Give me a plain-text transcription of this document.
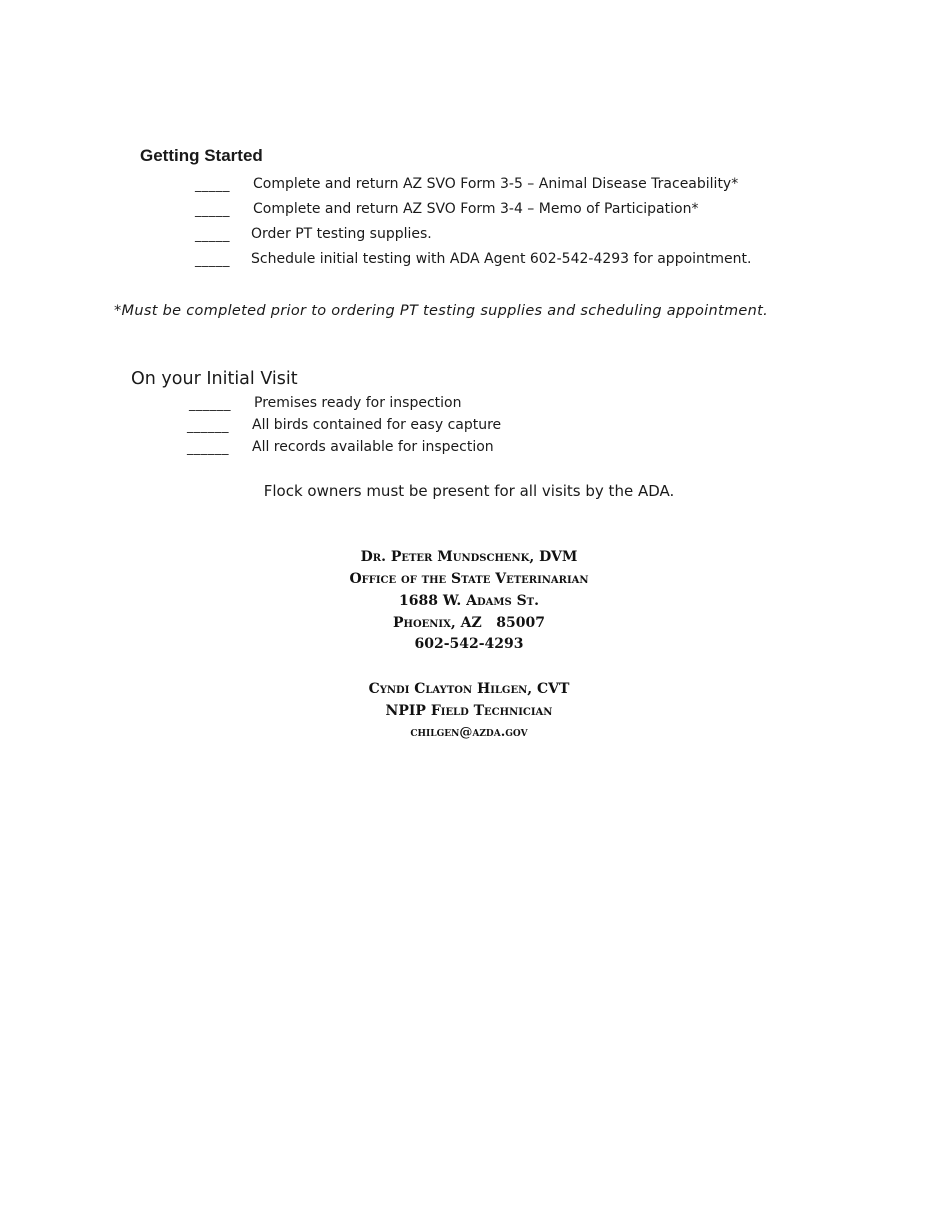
Getting Started
_____ Complete and return AZ SVO Form 3-5 – Animal Disease Traceability*
_____ Complete and return AZ SVO Form 3-4 – Memo of Participation*
_____ Order PT testing supplies.
_____ Schedule initial testing with ADA Agent 602-542-4293 for appointment.
*Must be completed prior to ordering PT testing supplies and scheduling appointment.
On your Initial Visit
______ Premises ready for inspection
______ All birds contained for easy capture
______ All records available for inspection
Flock owners must be present for all visits by the ADA.
Dr. Peter Mundschenk, DVM
Office of the State Veterinarian
1688 W. Adams St.
Phoenix, AZ   85007
602-542-4293
Cyndi Clayton Hilgen, CVT
NPIP Field Technician
chilgen@azda.gov
